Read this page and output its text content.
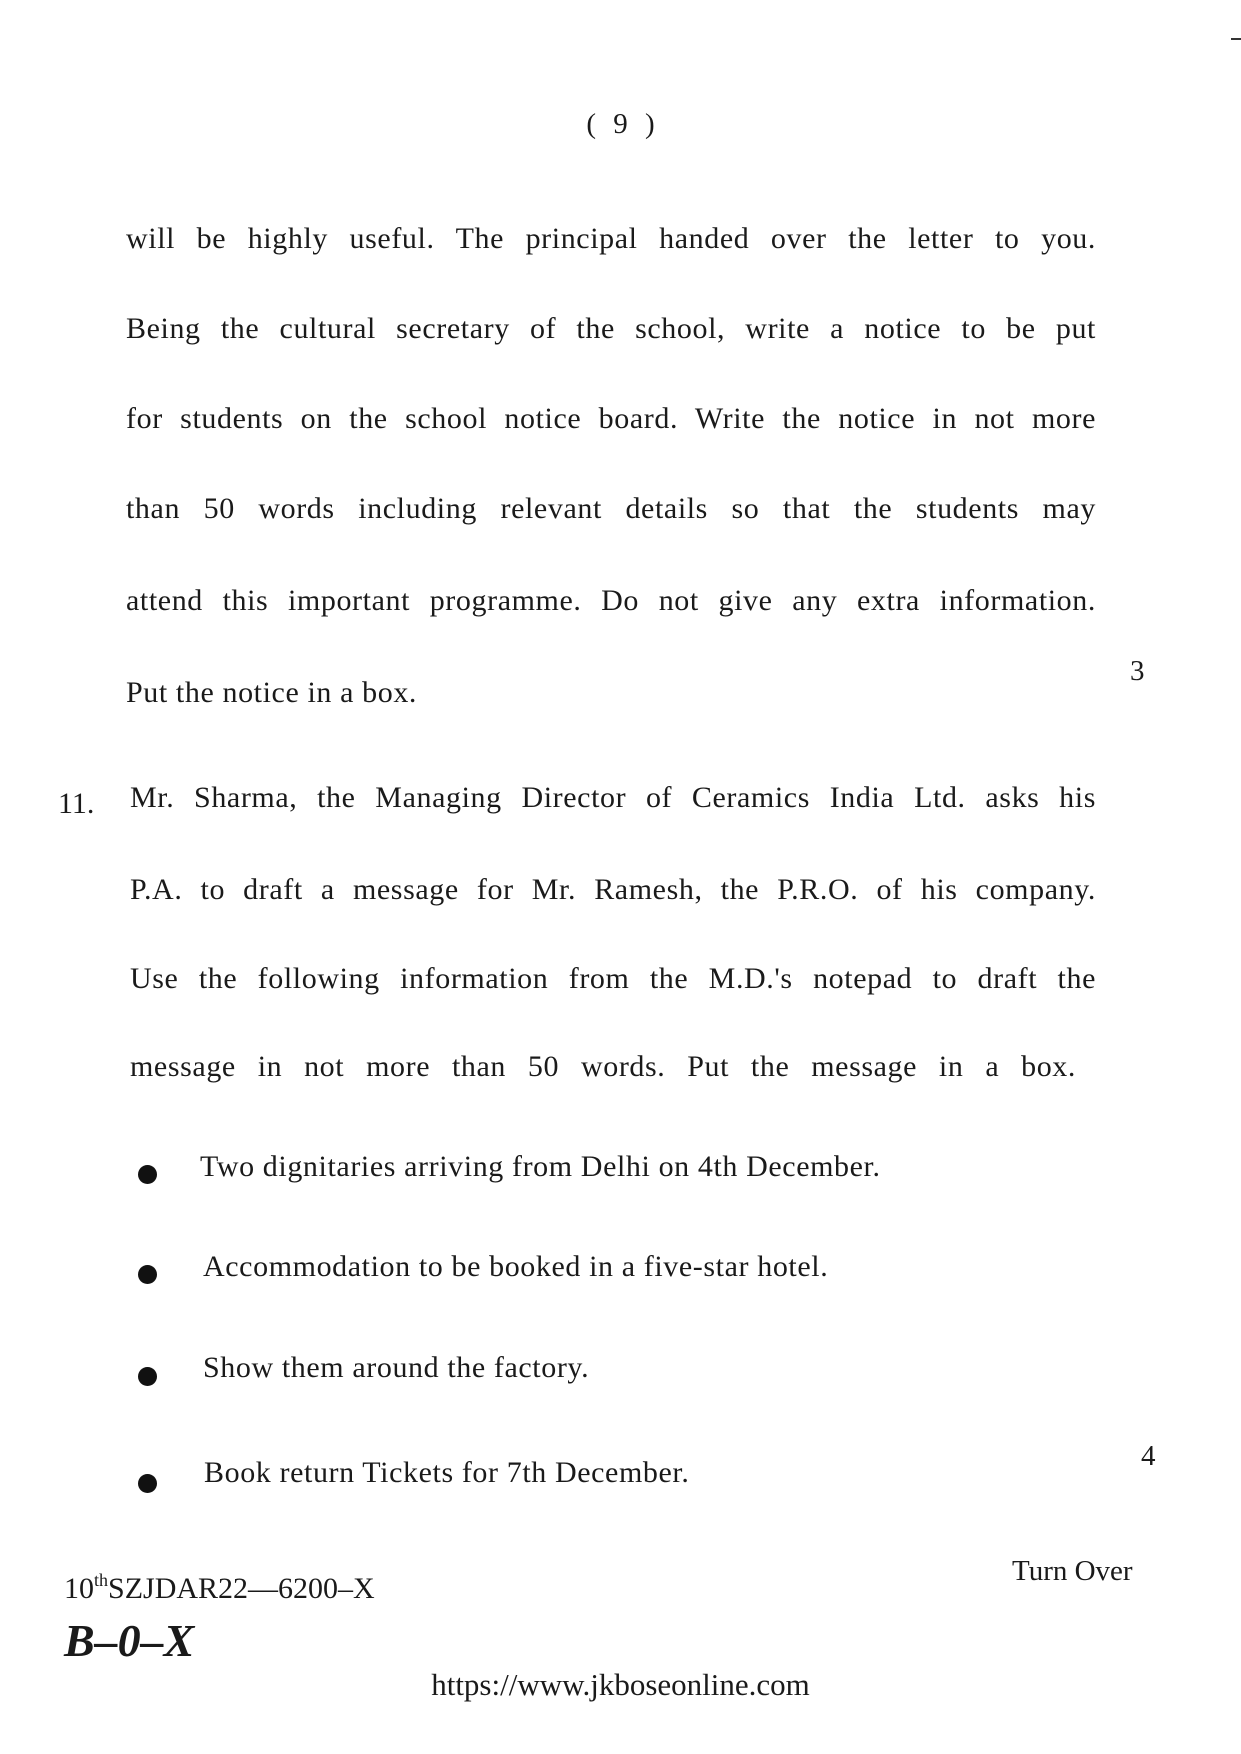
( 9 )
will be highly useful. The principal handed over the letter to you.
Being the cultural secretary of the school, write a notice to be put
for students on the school notice board. Write the notice in not more
than 50 words including relevant details so that the students may
attend this important programme. Do not give any extra information.
Put the notice in a box.
3
11. Mr. Sharma, the Managing Director of Ceramics India Ltd. asks his
P.A. to draft a message for Mr. Ramesh, the P.R.O. of his company.
Use the following information from the M.D.'s notepad to draft the
message in not more than 50 words. Put the message in a box.
Two dignitaries arriving from Delhi on 4th December.
Accommodation to be booked in a five-star hotel.
Show them around the factory.
Book return Tickets for 7th December.	4
10thSZJDAR22—6200–X
Turn Over
B–0–X
https://www.jkboseonline.com
